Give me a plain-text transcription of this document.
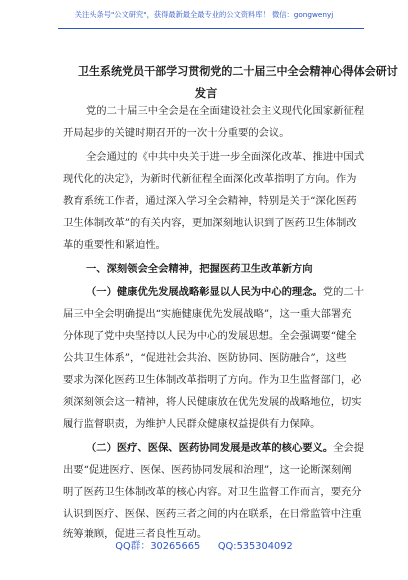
关注头条号"公文研究"，获得最新最全最专业的公文资料库！ 微信：gongwenyj
卫生系统党员干部学习贯彻党的二十届三中全会精神心得体会研讨
发言
党的二十届三中全会是在全面建设社会主义现代化国家新征程
开局起步的关键时期召开的一次十分重要的会议。
全会通过的《中共中央关于进一步全面深化改革、推进中国式
现代化的决定》，为新时代新征程全面深化改革指明了方向。作为
教育系统工作者，通过深入学习全会精神，特别是关于“深化医药
卫生体制改革”的有关内容，更加深刻地认识到了医药卫生体制改
革的重要性和紧迫性。
一、深刻领会全会精神，把握医药卫生改革新方向
（一）健康优先发展战略彰显以人民为中心的理念。党的二十
届三中全会明确提出“实施健康优先发展战略”，这一重大部署充
分体现了党中央坚持以人民为中心的发展思想。全会强调要“健全
公共卫生体系”，“促进社会共治、医防协同、医防融合”，这些
要求为深化医药卫生体制改革指明了方向。作为卫生监督部门，必
须深刻领会这一精神，将人民健康放在优先发展的战略地位，切实
履行监督职责，为维护人民群众健康权益提供有力保障。
（二）医疗、医保、医药协同发展是改革的核心要义。全会提
出要“促进医疗、医保、医药协同发展和治理”，这一论断深刻阐
明了医药卫生体制改革的核心内容。对卫生监督工作而言，要充分
认识到医疗、医保、医药三者之间的内在联系，在日常监管中注重
统筹兼顾，促进三者良性互动。
QQ群：30265665 QQ:535304092
